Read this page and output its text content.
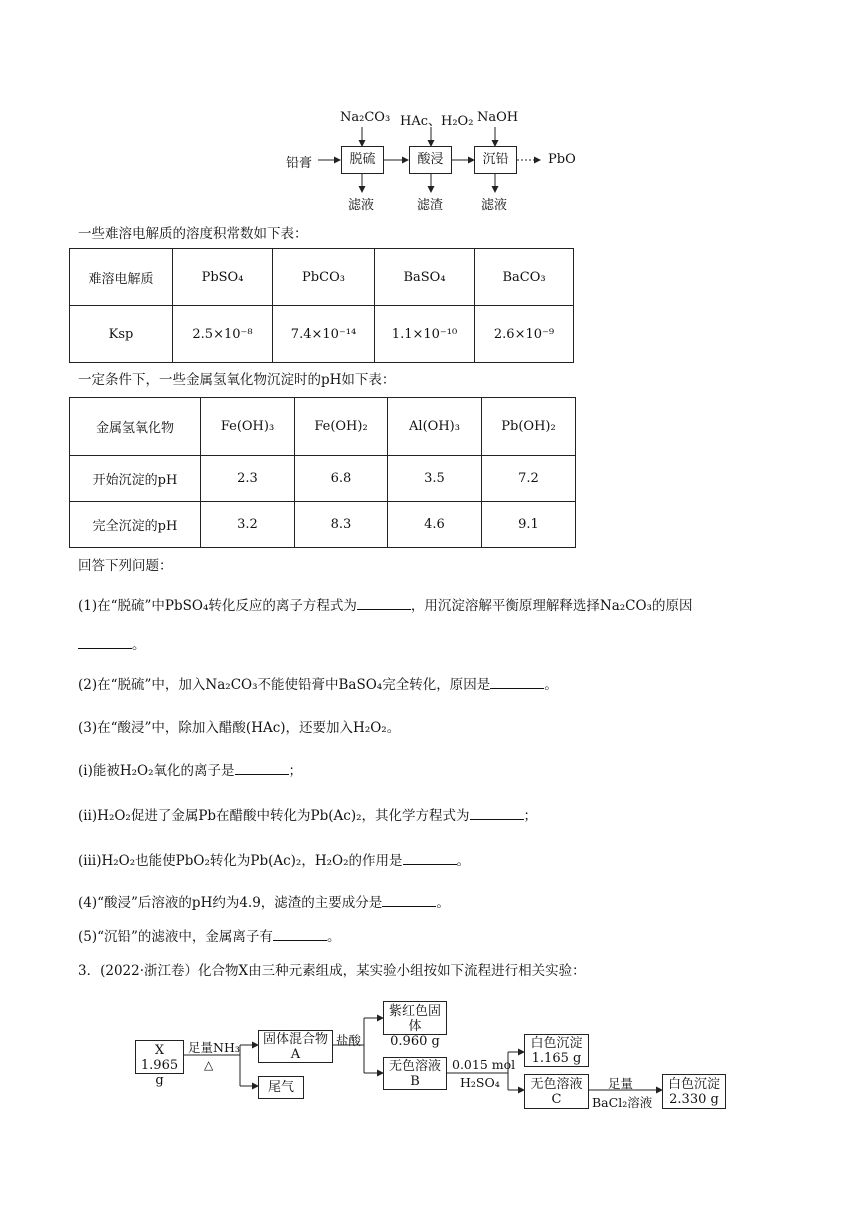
铅膏
Na₂CO₃ HAc、H₂O₂ NaOH
脱硫	酸浸	沉铅	PbO
滤液	滤渣	滤液
一些难溶电解质的溶度积常数如下表：
难溶电解质	PbSO₄	PbCO₃	BaSO₄	BaCO₃
Ksp	2.5×10⁻⁸	7.4×10⁻¹⁴	1.1×10⁻¹⁰	2.6×10⁻⁹
一定条件下，一些金属氢氧化物沉淀时的pH如下表：
金属氢氧化物	Fe(OH)₃	Fe(OH)₂	Al(OH)₃	Pb(OH)₂
开始沉淀的pH	2.3	6.8	3.5	7.2
完全沉淀的pH	3.2	8.3	4.6	9.1
回答下列问题：
(1)在“脱硫”中PbSO₄转化反应的离子方程式为	，用沉淀溶解平衡原理解释选择Na₂CO₃的原因
。
(2)在“脱硫”中，加入Na₂CO₃不能使铅膏中BaSO₄完全转化，原因是	。
(3)在“酸浸”中，除加入醋酸(HAc)，还要加入H₂O₂。
(ⅰ)能被H₂O₂氧化的离子是	；
(ⅱ)H₂O₂促进了金属Pb在醋酸中转化为Pb(Ac)₂，其化学方程式为	；
(ⅲ)H₂O₂也能使PbO₂转化为Pb(Ac)₂，H₂O₂的作用是	。
(4)“酸浸”后溶液的pH约为4.9，滤渣的主要成分是	。
(5)“沉铅”的滤液中，金属离子有	。
3．(2022·浙江卷）化合物X由三种元素组成，某实验小组按如下流程进行相关实验：
X
1.965 g
足量NH₃
△
固体混合物
A
尾气
盐酸
紫红色固体
0.960 g
无色溶液
B
0.015 mol
H₂SO₄
白色沉淀
1.165 g
无色溶液
C
足量
BaCl₂溶液
白色沉淀
2.330 g
